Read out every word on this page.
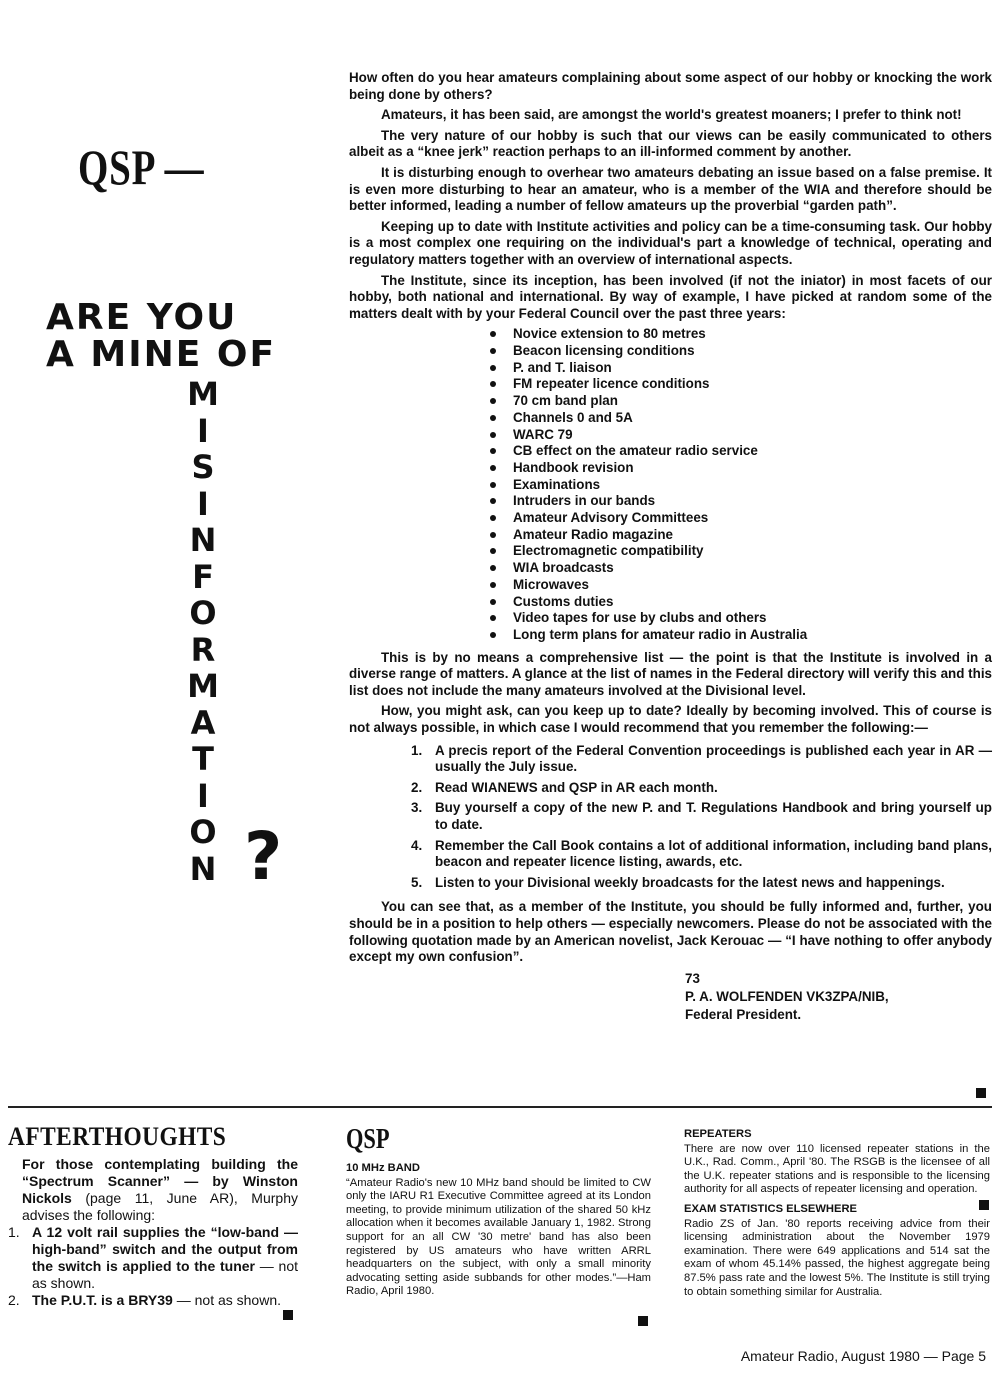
QSP —
ARE YOU
A MINE OF
M
I
S
I
N
F
O
R
M
A
T
I
O
N ?

How often do you hear amateurs complaining about some aspect of our hobby or knocking the work being done by others?

Amateurs, it has been said, are amongst the world's greatest moaners; I prefer to think not!

The very nature of our hobby is such that our views can be easily communicated to others albeit as a “knee jerk” reaction perhaps to an ill-informed comment by another.

It is disturbing enough to overhear two amateurs debating an issue based on a false premise. It is even more disturbing to hear an amateur, who is a member of the WIA and therefore should be better informed, leading a number of fellow amateurs up the proverbial “garden path”.

Keeping up to date with Institute activities and policy can be a time-consuming task. Our hobby is a most complex one requiring on the individual's part a knowledge of technical, operating and regulatory matters together with an overview of international aspects.

The Institute, since its inception, has been involved (if not the iniator) in most facets of our hobby, both national and international. By way of example, I have picked at random some of the matters dealt with by your Federal Council over the past three years:

Novice extension to 80 metres
Beacon licensing conditions
P. and T. liaison
FM repeater licence conditions
70 cm band plan
Channels 0 and 5A
WARC 79
CB effect on the amateur radio service
Handbook revision
Examinations
Intruders in our bands
Amateur Advisory Committees
Amateur Radio magazine
Electromagnetic compatibility
WIA broadcasts
Microwaves
Customs duties
Video tapes for use by clubs and others
Long term plans for amateur radio in Australia

This is by no means a comprehensive list — the point is that the Institute is involved in a diverse range of matters. A glance at the list of names in the Federal directory will verify this and this list does not include the many amateurs involved at the Divisional level.

How, you might ask, can you keep up to date? Ideally by becoming involved. This of course is not always possible, in which case I would recommend that you remember the following:—

1. A precis report of the Federal Convention proceedings is published each year in AR — usually the July issue.
2. Read WIANEWS and QSP in AR each month.
3. Buy yourself a copy of the new P. and T. Regulations Handbook and bring yourself up to date.
4. Remember the Call Book contains a lot of additional information, including band plans, beacon and repeater licence listing, awards, etc.
5. Listen to your Divisional weekly broadcasts for the latest news and happenings.

You can see that, as a member of the Institute, you should be fully informed and, further, you should be in a position to help others — especially newcomers. Please do not be associated with the following quotation made by an American novelist, Jack Kerouac — “I have nothing to offer anybody except my own confusion”.

73
P. A. WOLFENDEN VK3ZPA/NIB,
Federal President.
AFTERTHOUGHTS

For those contemplating building the “Spectrum Scanner” — by Winston Nickols (page 11, June AR), Murphy advises the following:

1. A 12 volt rail supplies the “low-band — high-band” switch and the output from the switch is applied to the tuner — not as shown.
2. The P.U.T. is a BRY39 — not as shown.
QSP
10 MHz BAND
“Amateur Radio's new 10 MHz band should be limited to CW only the IARU R1 Executive Committee agreed at its London meeting, to provide minimum utilization of the shared 50 kHz allocation when it becomes available January 1, 1982. Strong support for an all CW '30 metre' band has also been registered by US amateurs who have written ARRL headquarters on the subject, with only a small minority advocating setting aside subbands for other modes.”—Ham Radio, April 1980.
REPEATERS
There are now over 110 licensed repeater stations in the U.K., Rad. Comm., April '80. The RSGB is the licensee of all the U.K. repeater stations and is responsible to the licensing authority for all aspects of repeater licensing and operation.
EXAM STATISTICS ELSEWHERE
Radio ZS of Jan. '80 reports receiving advice from their licensing administration about the November 1979 examination. There were 649 applications and 514 sat the exam of whom 45.14% passed, the highest aggregate being 87.5% pass rate and the lowest 5%. The Institute is still trying to obtain something similar for Australia.
Amateur Radio, August 1980 — Page 5
